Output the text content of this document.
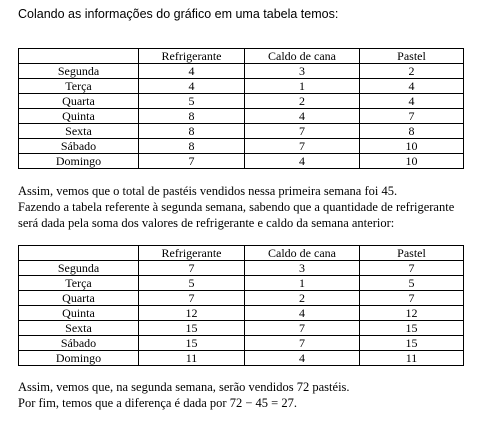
Colando as informações do gráfico em uma tabela temos:
	Refrigerante	Caldo de cana	Pastel
Segunda	4	3	2
Terça	4	1	4
Quarta	5	2	4
Quinta	8	4	7
Sexta	8	7	8
Sábado	8	7	10
Domingo	7	4	10
Assim, vemos que o total de pastéis vendidos nessa primeira semana foi 45.
Fazendo a tabela referente à segunda semana, sabendo que a quantidade de refrigerante
será dada pela soma dos valores de refrigerante e caldo da semana anterior:
	Refrigerante	Caldo de cana	Pastel
Segunda	7	3	7
Terça	5	1	5
Quarta	7	2	7
Quinta	12	4	12
Sexta	15	7	15
Sábado	15	7	15
Domingo	11	4	11
Assim, vemos que, na segunda semana, serão vendidos 72 pastéis.
Por fim, temos que a diferença é dada por 72 − 45 = 27.
